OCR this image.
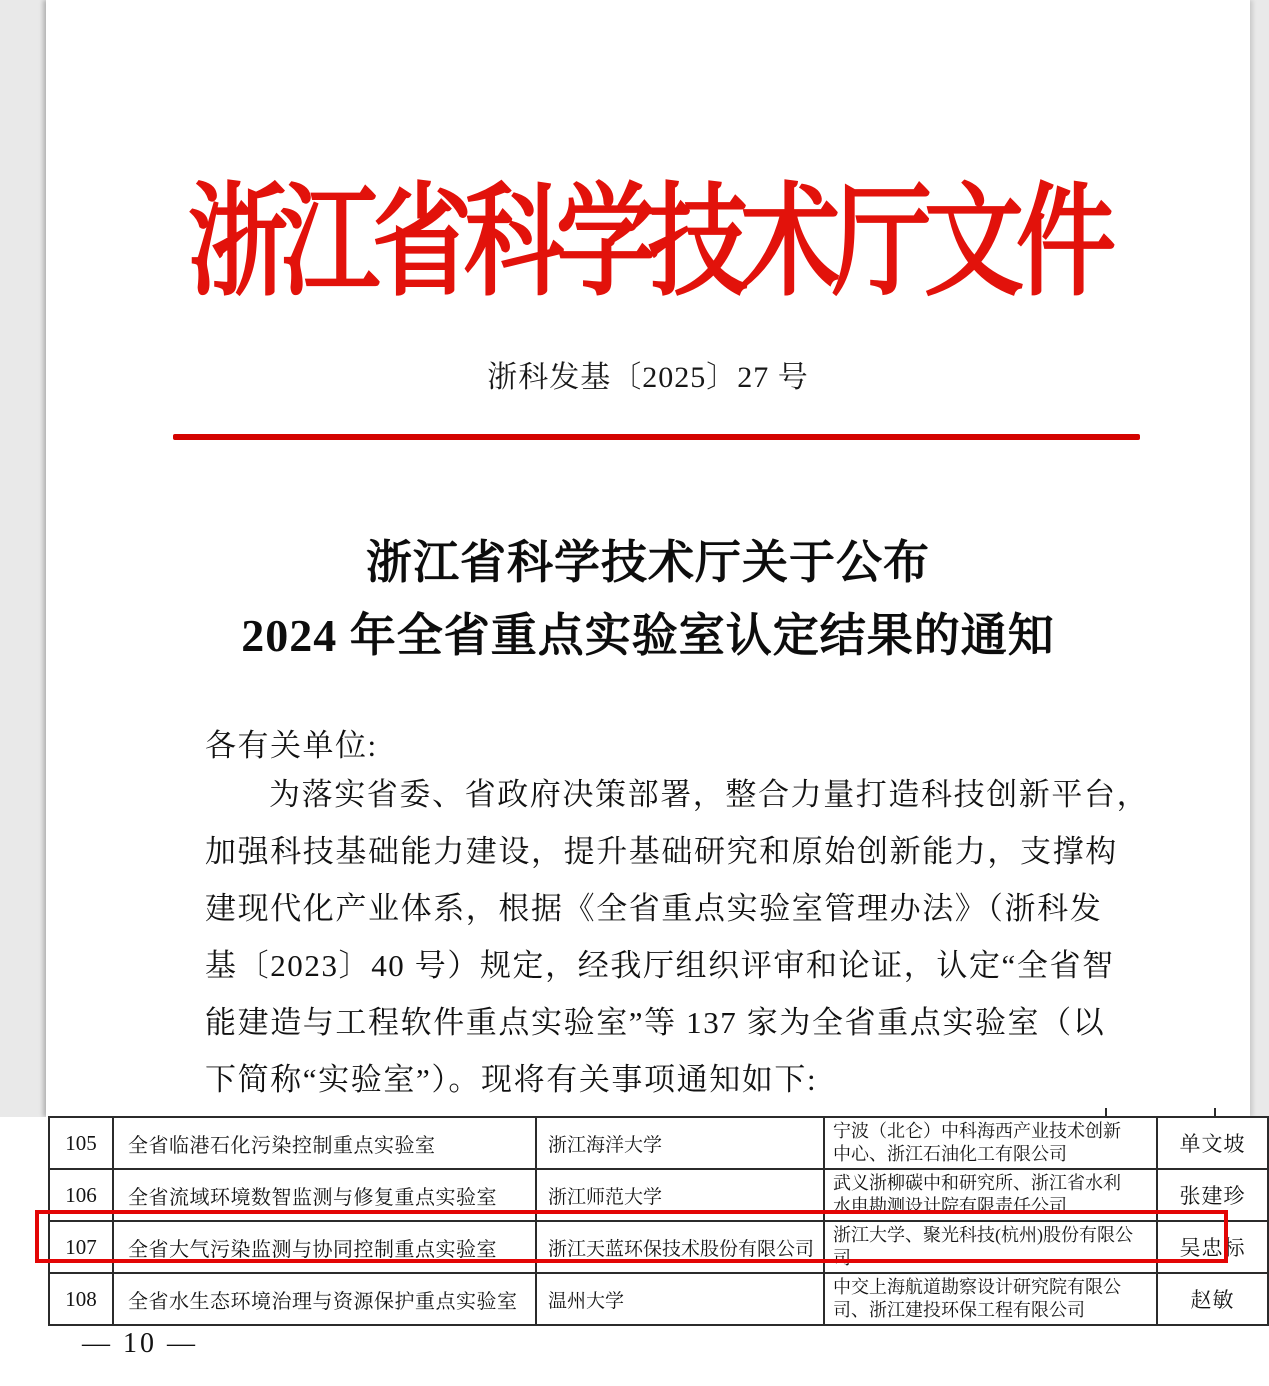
浙江省科学技术厅文件
浙科发基〔2025〕27 号
浙江省科学技术厅关于公布
2024 年全省重点实验室认定结果的通知
各有关单位:
为落实省委、省政府决策部署，整合力量打造科技创新平台，
加强科技基础能力建设，提升基础研究和原始创新能力，支撑构
建现代化产业体系，根据《全省重点实验室管理办法》（浙科发
基〔2023〕40 号）规定，经我厅组织评审和论证，认定“全省智
能建造与工程软件重点实验室”等 137 家为全省重点实验室（以
下简称“实验室”）。现将有关事项通知如下:
105	全省临港石化污染控制重点实验室	浙江海洋大学	宁波（北仑）中科海西产业技术创新
中心、浙江石油化工有限公司	单文坡
106	全省流域环境数智监测与修复重点实验室	浙江师范大学	武义浙柳碳中和研究所、浙江省水利
水电勘测设计院有限责任公司	张建珍
107	全省大气污染监测与协同控制重点实验室	浙江天蓝环保技术股份有限公司	浙江大学、聚光科技(杭州)股份有限公
司	吴忠标
108	全省水生态环境治理与资源保护重点实验室	温州大学	中交上海航道勘察设计研究院有限公
司、浙江建投环保工程有限公司	赵敏
— 10 —
